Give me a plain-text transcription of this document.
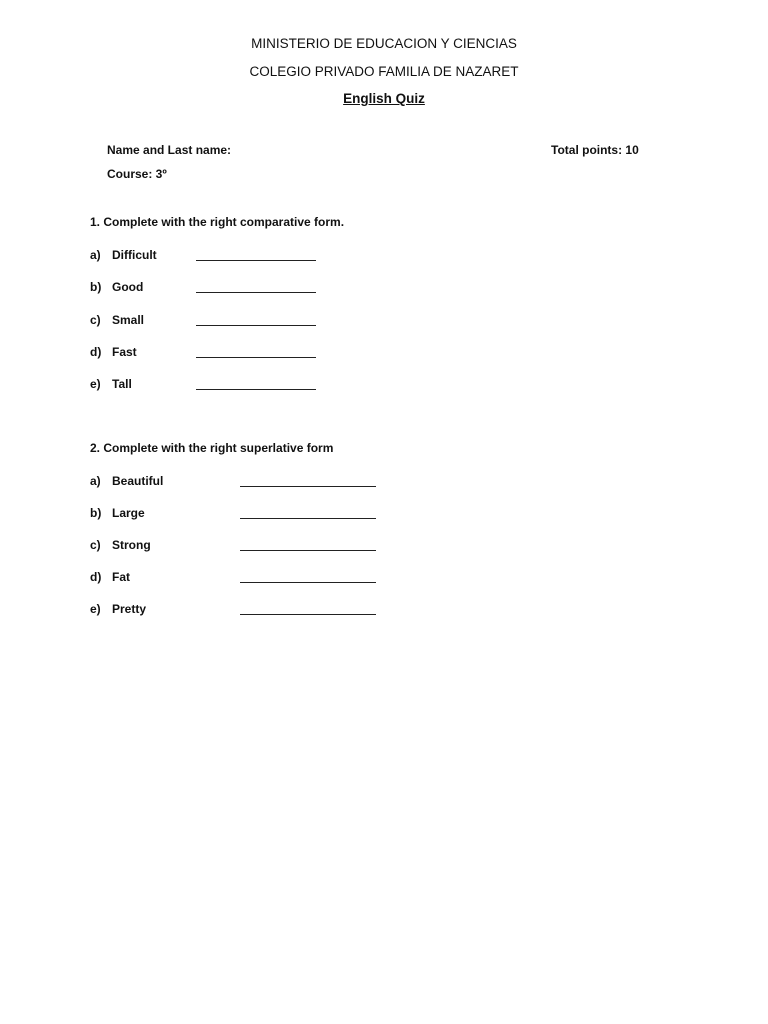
MINISTERIO DE EDUCACION Y CIENCIAS
COLEGIO PRIVADO FAMILIA DE NAZARET
English Quiz
Name and Last name:	Total points: 10
Course: 3º
1. Complete with the right comparative form.
a) Difficult
b) Good
c) Small
d) Fast
e) Tall
2. Complete with the right superlative form
a) Beautiful
b) Large
c) Strong
d) Fat
e) Pretty
